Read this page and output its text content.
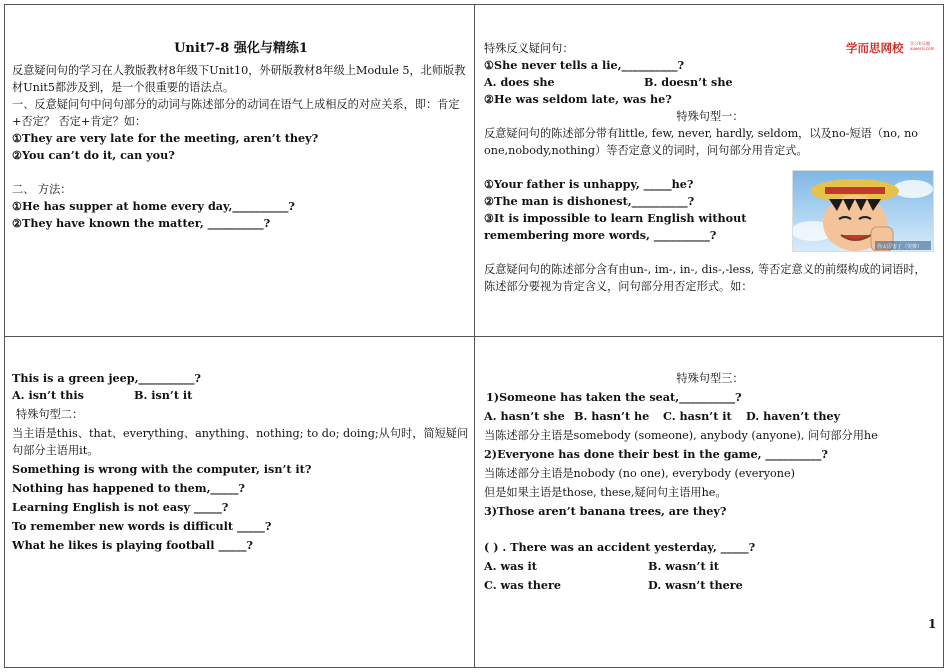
Unit7-8 强化与精练1
反意疑问句的学习在人教版教材8年级下Unit10，外研版教材8年级上Module 5，北师版教材Unit5都涉及到，是一个很重要的语法点。
一、反意疑问句中问句部分的动词与陈述部分的动词在语气上成相反的对应关系，即：肯定+否定？ 否定+肯定？如：
①They are very late for the meeting, aren’t they?
②You can’t do it, can you?
二、 方法：
①He has supper at home every day,__________?
②They have known the matter, __________?
学而思网校 学习有乐趣 xueersi.com
特殊反义疑问句：
①She never tells a lie,__________?
A. does she	B. doesn’t she
②He was seldom late, was he?
特殊句型一：
反意疑问句的陈述部分带有little, few, never, hardly, seldom，以及no-短语（no, no one,nobody,nothing）等否定意义的词时，问句部分用肯定式。
①Your father is unhappy, _____he?
②The man is dishonest,__________?
③It is impossible to learn English without
remembering more words, __________?
反意疑问句的陈述部分含有由un-, im-, in-, dis-,-less, 等否定意义的前缀构成的词语时，陈述部分要视为肯定含义，问句部分用否定形式。如：
你太厉害了（哭惨）
This is a green jeep,__________?
A. isn’t this	B. isn’t it
特殊句型二：
当主语是this、that、everything、anything、nothing; to do; doing;从句时，简短疑问句部分主语用it。
Something is wrong with the computer, isn’t it?
Nothing has happened to them,_____?
Learning English is not easy _____?
To remember new words is difficult _____?
What he likes is playing football _____?
特殊句型三：
1)Someone has taken the seat,__________?
A. hasn’t she B. hasn’t he	C. hasn’t it	D. haven’t they
当陈述部分主语是somebody (someone), anybody (anyone), 问句部分用he
2)Everyone has done their best in the game, __________?
当陈述部分主语是nobody (no one), everybody (everyone)
但是如果主语是those, these,疑问句主语用he。
3)Those aren’t banana trees, are they?
( ) . There was an accident yesterday, _____?
A. was it	B. wasn’t it
C. was there	D. wasn’t there
1
